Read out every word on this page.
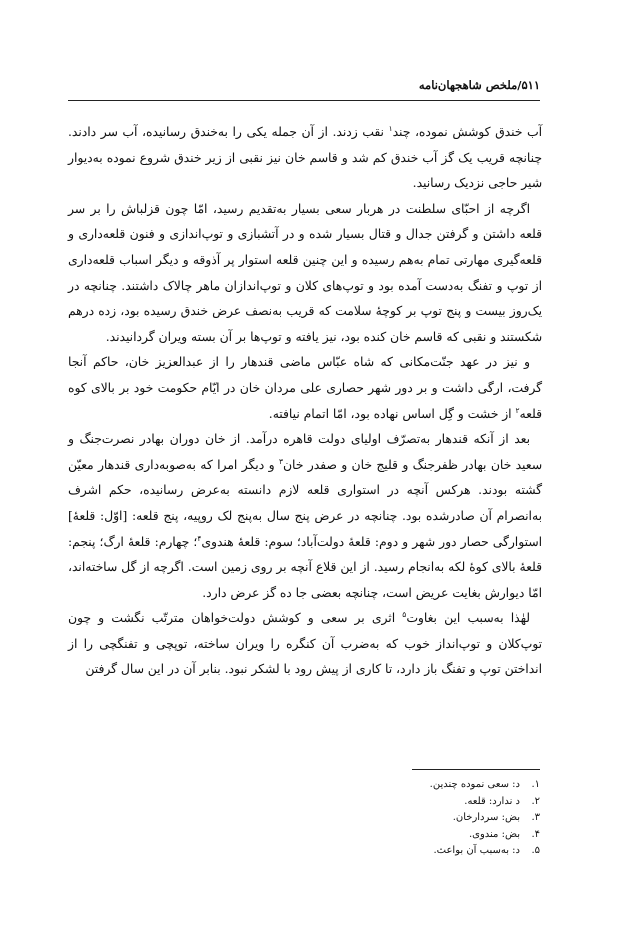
۵۱۱/ملخص شاهجهان‌نامه

آب خندق کوشش نموده، چند$^۱$ نقب زدند. از آن جمله یکی را به‌خندق رسانیده، آب سر دادند. چنانچه قریب یک گز آب خندق کم شد و قاسم خان نیز نقبی از زیر خندق شروع نموده به‌دیوار شیر حاجی نزدیک رسانید.

اگرچه از احبّای سلطنت در هربار سعی بسیار به‌تقدیم رسید، امّا چون قزلباش را بر سر قلعه داشتن و گرفتن جدال و قتال بسیار شده و در آتشبازی و توپ‌اندازی و فنون قلعه‌داری و قلعه‌گیری مهارتی تمام به‌هم رسیده و این چنین قلعه استوار پر آذوقه و دیگر اسباب قلعه‌داری از توپ و تفنگ به‌دست آمده بود و توپ‌های کلان و توپ‌اندازان ماهر چالاک داشتند. چنانچه در یک‌روز بیست و پنج توپ بر کوچهٔ سلامت که قریب به‌نصف عرض خندق رسیده بود، زده درهم شکستند و نقبی که قاسم خان کنده بود، نیز یافته و توپ‌ها بر آن بسته ویران گردانیدند.

و نیز در عهد جنّت‌مکانی که شاه عبّاس ماضی قندهار را از عبدالعزیز خان، حاکم آنجا گرفت، ارگی داشت و بر دور شهر حصاری علی مردان خان در ایّام حکومت خود بر بالای کوه قلعه$^۲$ از خشت و گِل اساس نهاده بود، امّا اتمام نیافته.

بعد از آنکه قندهار به‌تصرّف اولیای دولت قاهره درآمد. از خان دوران بهادر نصرت‌جنگ و سعید خان بهادر ظفرجنگ و قلیج خان و صفدر خان$^۳$ و دیگر امرا که به‌صوبه‌داری قندهار معیّن گشته بودند. هرکس آنچه در استواری قلعه لازم دانسته به‌عرض رسانیده، حکم اشرف به‌انصرام آن صادرشده بود. چنانچه در عرض پنج سال به‌پنج لک روپیه، پنج قلعه: [اوّل: قلعهٔ] استوارگی حصار دور شهر و دوم: قلعهٔ دولت‌آباد؛ سوم: قلعهٔ هندوی$^۴$؛ چهارم: قلعهٔ ارگ؛ پنجم: قلعهٔ بالای کوهٔ لکه به‌انجام رسید. از این قلاع آنچه بر روی زمین است. اگرچه از گل ساخته‌اند، امّا دیوارش بغایت عریض است، چنانچه بعضی جا ده گز عرض دارد.

لهٰذا به‌سبب این بغاوت$^۵$ اثری بر سعی و کوشش دولت‌خواهان مترتّب نگشت و چون توپ‌کلان و توپ‌انداز خوب که به‌ضرب آن کنگره را ویران ساخته، توپچی و تفنگچی را از انداختن توپ و تفنگ باز دارد، تا کاری از پیش رود با لشکر نبود. بنابر آن در این سال گرفتن

۱.د: سعی نموده چندین.
۲.د ندارد: قلعه.
۳.بض: سردارخان.
۴.بض: مندوی.
۵.د: به‌سبب آن بواعث.
